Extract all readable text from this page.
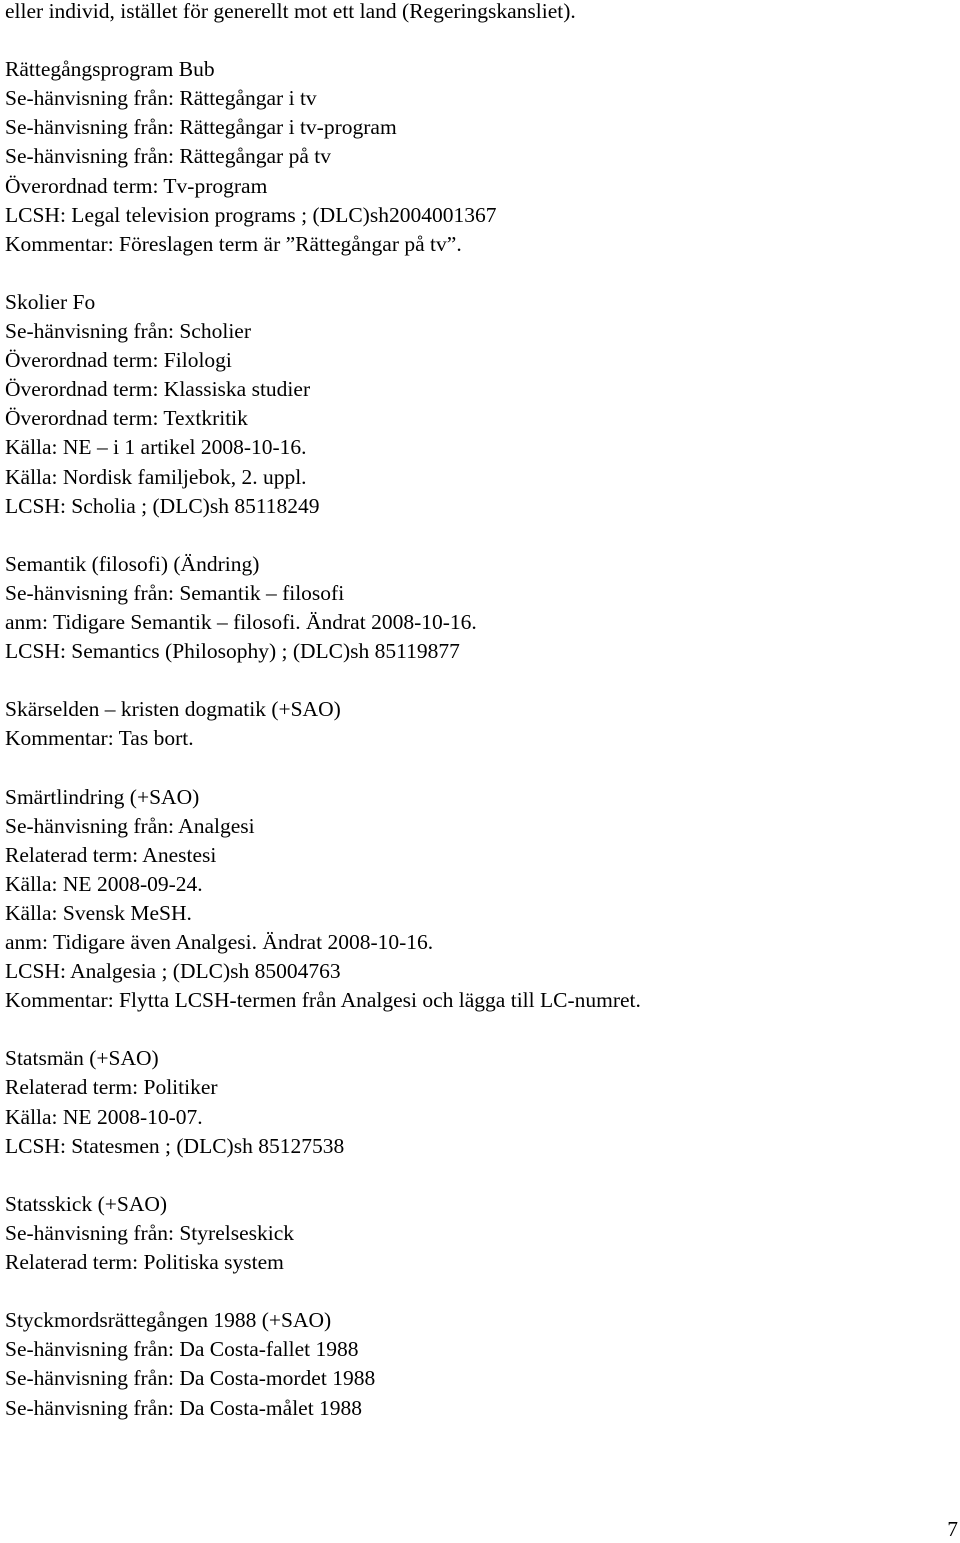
eller individ, istället för generellt mot ett land (Regeringskansliet).

Rättegångsprogram Bub

Se-hänvisning från: Rättegångar i tv

Se-hänvisning från: Rättegångar i tv-program

Se-hänvisning från: Rättegångar på tv

Överordnad term: Tv-program

LCSH: Legal television programs ; (DLC)sh2004001367

Kommentar: Föreslagen term är ”Rättegångar på tv”.

Skolier Fo

Se-hänvisning från: Scholier

Överordnad term: Filologi

Överordnad term: Klassiska studier

Överordnad term: Textkritik

Källa: NE – i 1 artikel 2008-10-16.

Källa: Nordisk familjebok, 2. uppl.

LCSH: Scholia ; (DLC)sh 85118249

Semantik (filosofi) (Ändring)

Se-hänvisning från: Semantik – filosofi

anm: Tidigare Semantik – filosofi. Ändrat 2008-10-16.

LCSH: Semantics (Philosophy) ; (DLC)sh 85119877

Skärselden – kristen dogmatik (+SAO)

Kommentar: Tas bort.

Smärtlindring (+SAO)

Se-hänvisning från: Analgesi

Relaterad term: Anestesi

Källa: NE 2008-09-24.

Källa: Svensk MeSH.

anm: Tidigare även Analgesi. Ändrat 2008-10-16.

LCSH: Analgesia ; (DLC)sh 85004763

Kommentar: Flytta LCSH-termen från Analgesi och lägga till LC-numret.

Statsmän (+SAO)

Relaterad term: Politiker

Källa: NE 2008-10-07.

LCSH: Statesmen ; (DLC)sh 85127538

Statsskick (+SAO)

Se-hänvisning från: Styrelseskick

Relaterad term: Politiska system

Styckmordsrättegången 1988 (+SAO)

Se-hänvisning från: Da Costa-fallet 1988

Se-hänvisning från: Da Costa-mordet 1988

Se-hänvisning från: Da Costa-målet 1988

7
